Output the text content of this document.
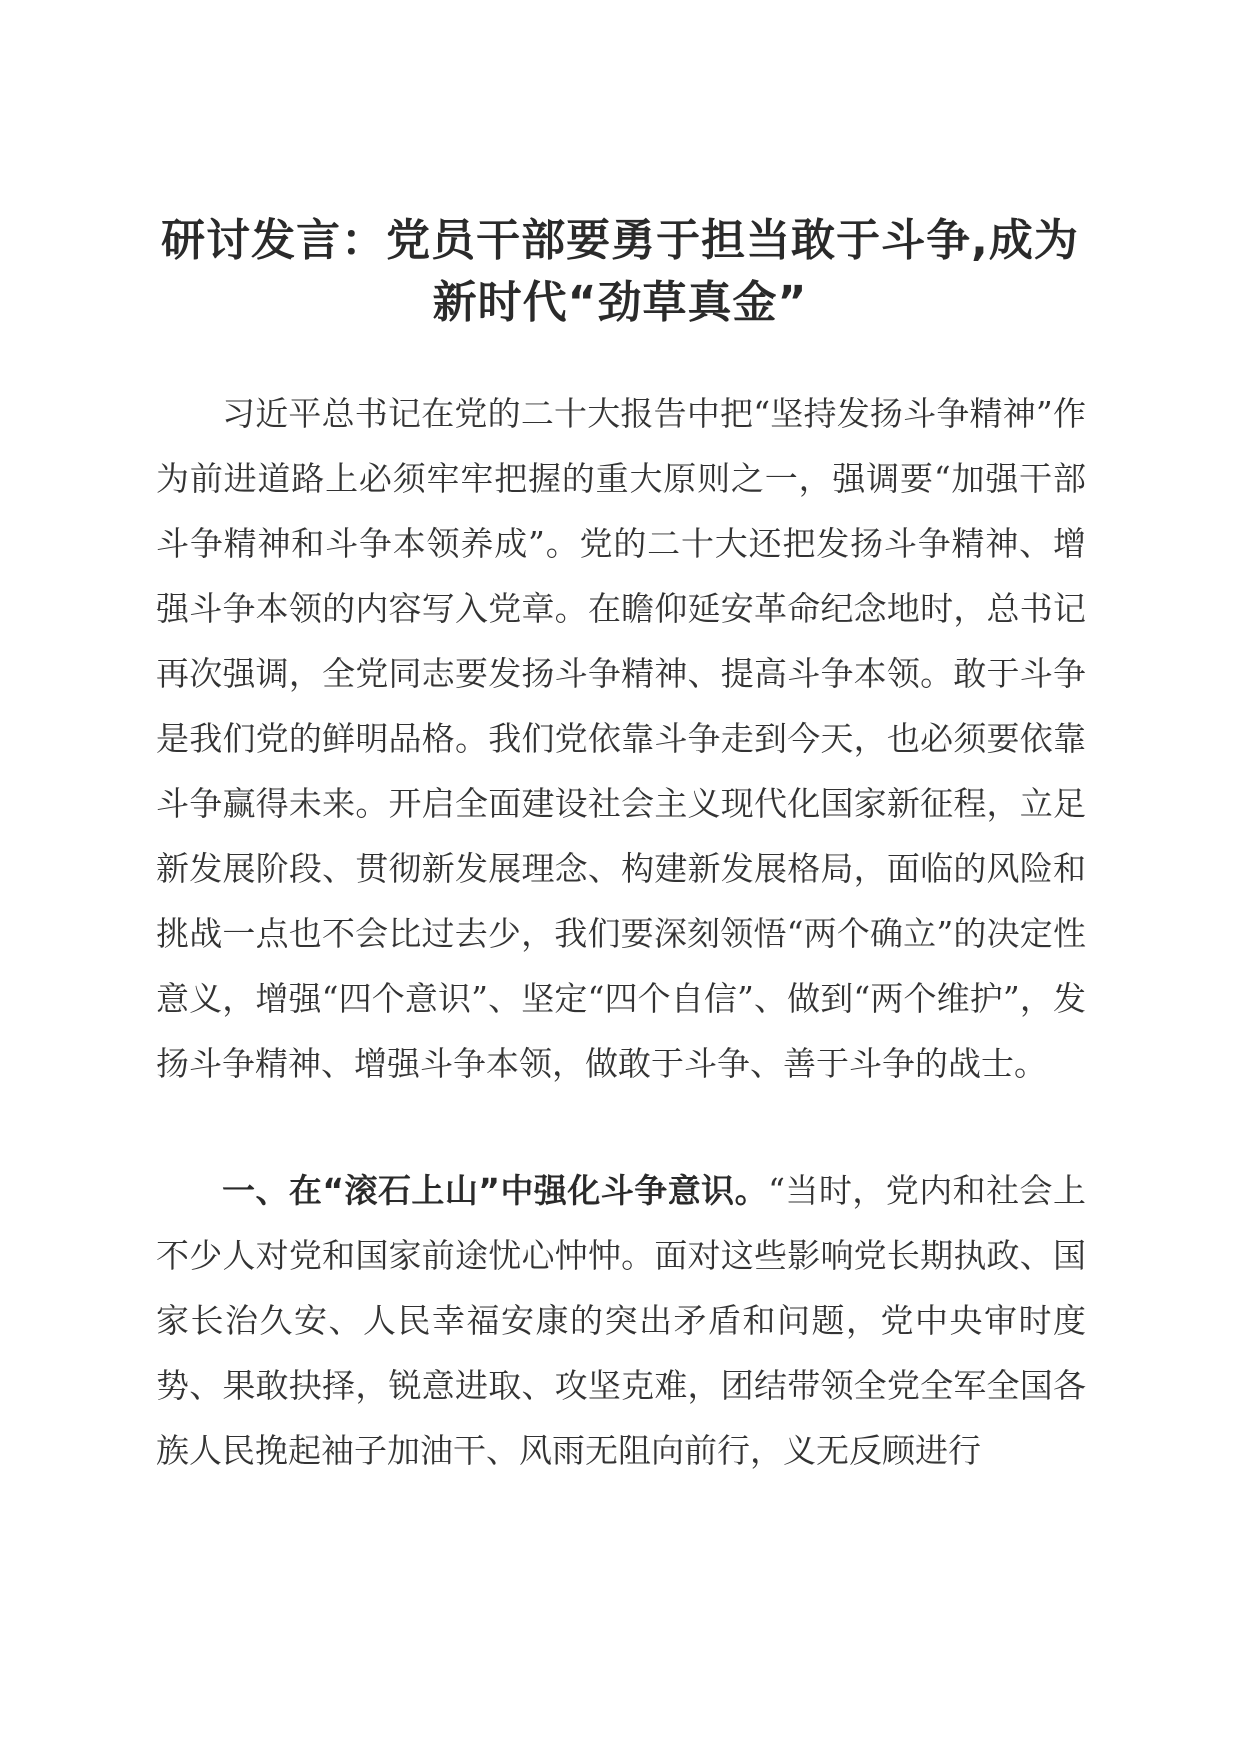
研讨发言：党员干部要勇于担当敢于斗争,成为
新时代“劲草真金”

习近平总书记在党的二十大报告中把“坚持发扬斗争精神”作为前进道路上必须牢牢把握的重大原则之一，强调要“加强干部斗争精神和斗争本领养成”。党的二十大还把发扬斗争精神、增强斗争本领的内容写入党章。在瞻仰延安革命纪念地时，总书记再次强调，全党同志要发扬斗争精神、提高斗争本领。敢于斗争是我们党的鲜明品格。我们党依靠斗争走到今天，也必须要依靠斗争赢得未来。开启全面建设社会主义现代化国家新征程，立足新发展阶段、贯彻新发展理念、构建新发展格局，面临的风险和挑战一点也不会比过去少，我们要深刻领悟“两个确立”的决定性意义，增强“四个意识”、坚定“四个自信”、做到“两个维护”，发扬斗争精神、增强斗争本领，做敢于斗争、善于斗争的战士。

一、在“滚石上山”中强化斗争意识。“当时，党内和社会上不少人对党和国家前途忧心忡忡。面对这些影响党长期执政、国家长治久安、人民幸福安康的突出矛盾和问题，党中央审时度势、果敢抉择，锐意进取、攻坚克难，团结带领全党全军全国各族人民挽起袖子加油干、风雨无阻向前行，义无反顾进行
